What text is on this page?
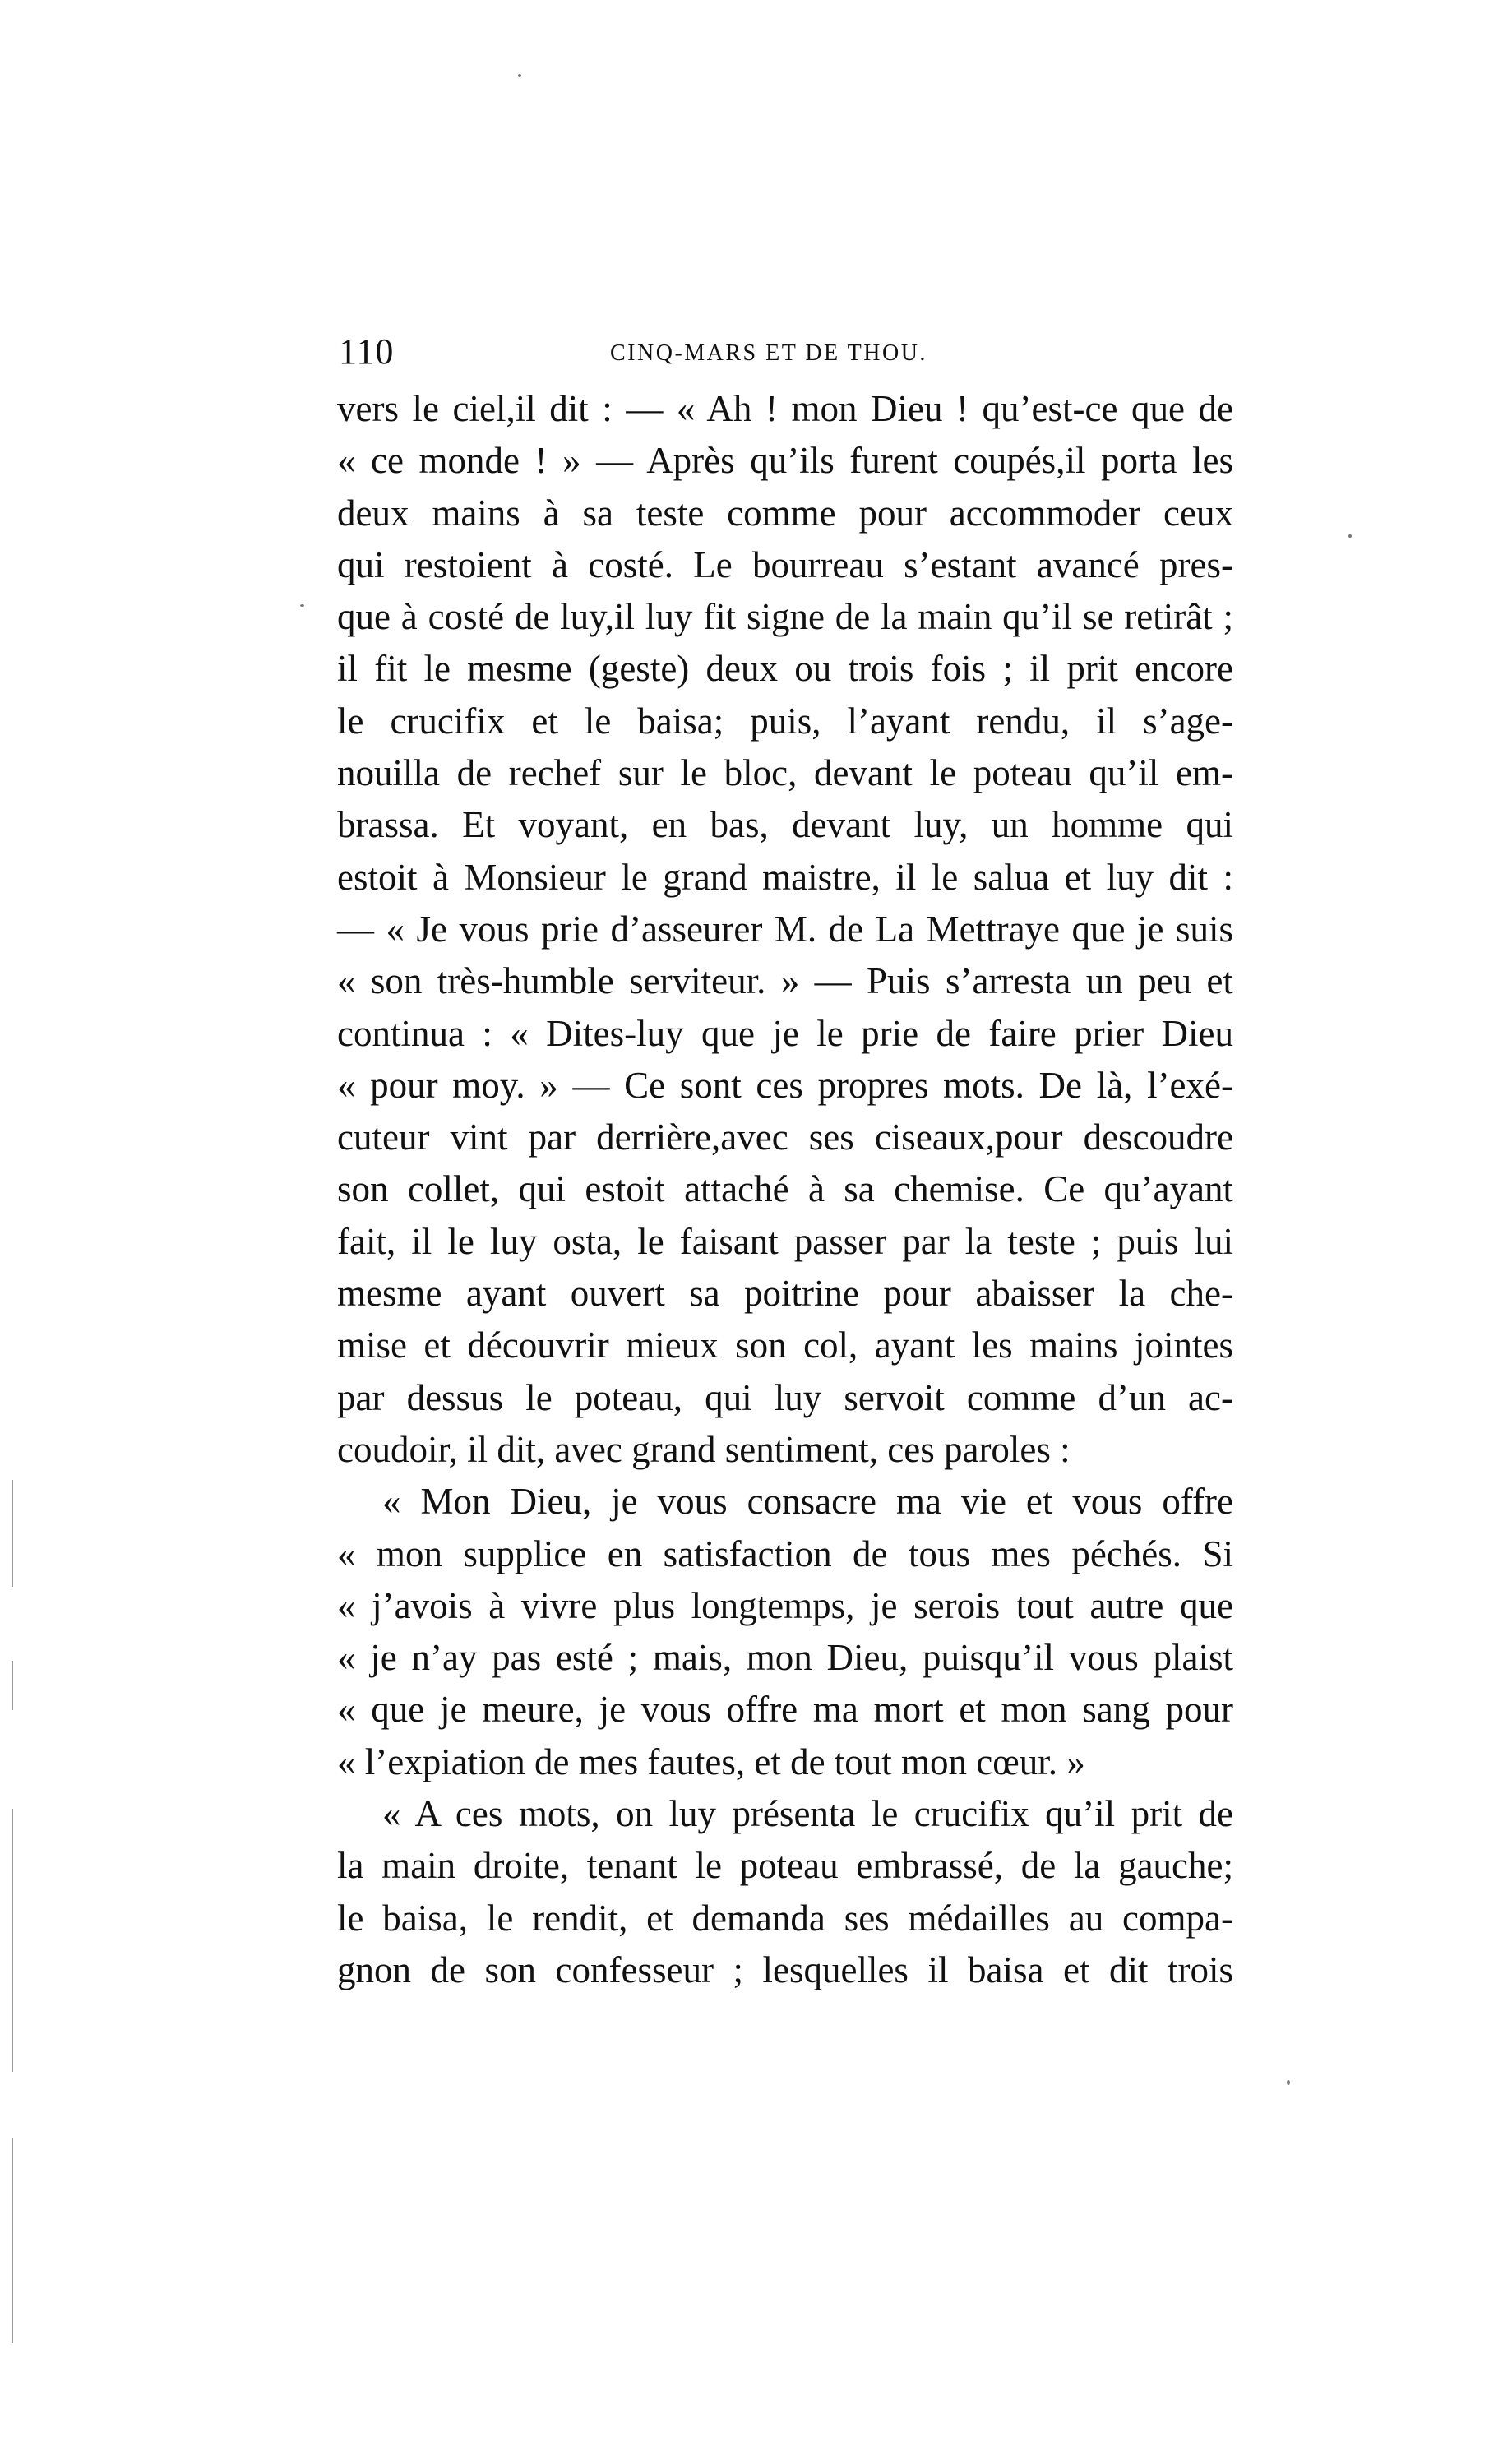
110	CINQ-MARS ET DE THOU.
vers le ciel,il dit : — « Ah ! mon Dieu ! qu’est-ce que de
« ce monde ! » — Après qu’ils furent coupés,il porta les
deux mains à sa teste comme pour accommoder ceux
qui restoient à costé. Le bourreau s’estant avancé pres-
que à costé de luy,il luy fit signe de la main qu’il se retirât ;
il fit le mesme (geste) deux ou trois fois ; il prit encore
le crucifix et le baisa; puis, l’ayant rendu, il s’age-
nouilla de rechef sur le bloc, devant le poteau qu’il em-
brassa. Et voyant, en bas, devant luy, un homme qui
estoit à Monsieur le grand maistre, il le salua et luy dit :
— « Je vous prie d’asseurer M. de La Mettraye que je suis
« son très-humble serviteur. » — Puis s’arresta un peu et
continua : « Dites-luy que je le prie de faire prier Dieu
« pour moy. » — Ce sont ces propres mots. De là, l’exé-
cuteur vint par derrière,avec ses ciseaux,pour descoudre
son collet, qui estoit attaché à sa chemise. Ce qu’ayant
fait, il le luy osta, le faisant passer par la teste ; puis lui
mesme ayant ouvert sa poitrine pour abaisser la che-
mise et découvrir mieux son col, ayant les mains jointes
par dessus le poteau, qui luy servoit comme d’un ac-
coudoir, il dit, avec grand sentiment, ces paroles :
« Mon Dieu, je vous consacre ma vie et vous offre
« mon supplice en satisfaction de tous mes péchés. Si
« j’avois à vivre plus longtemps, je serois tout autre que
« je n’ay pas esté ; mais, mon Dieu, puisqu’il vous plaist
« que je meure, je vous offre ma mort et mon sang pour
« l’expiation de mes fautes, et de tout mon cœur. »
« A ces mots, on luy présenta le crucifix qu’il prit de
la main droite, tenant le poteau embrassé, de la gauche;
le baisa, le rendit, et demanda ses médailles au compa-
gnon de son confesseur ; lesquelles il baisa et dit trois
